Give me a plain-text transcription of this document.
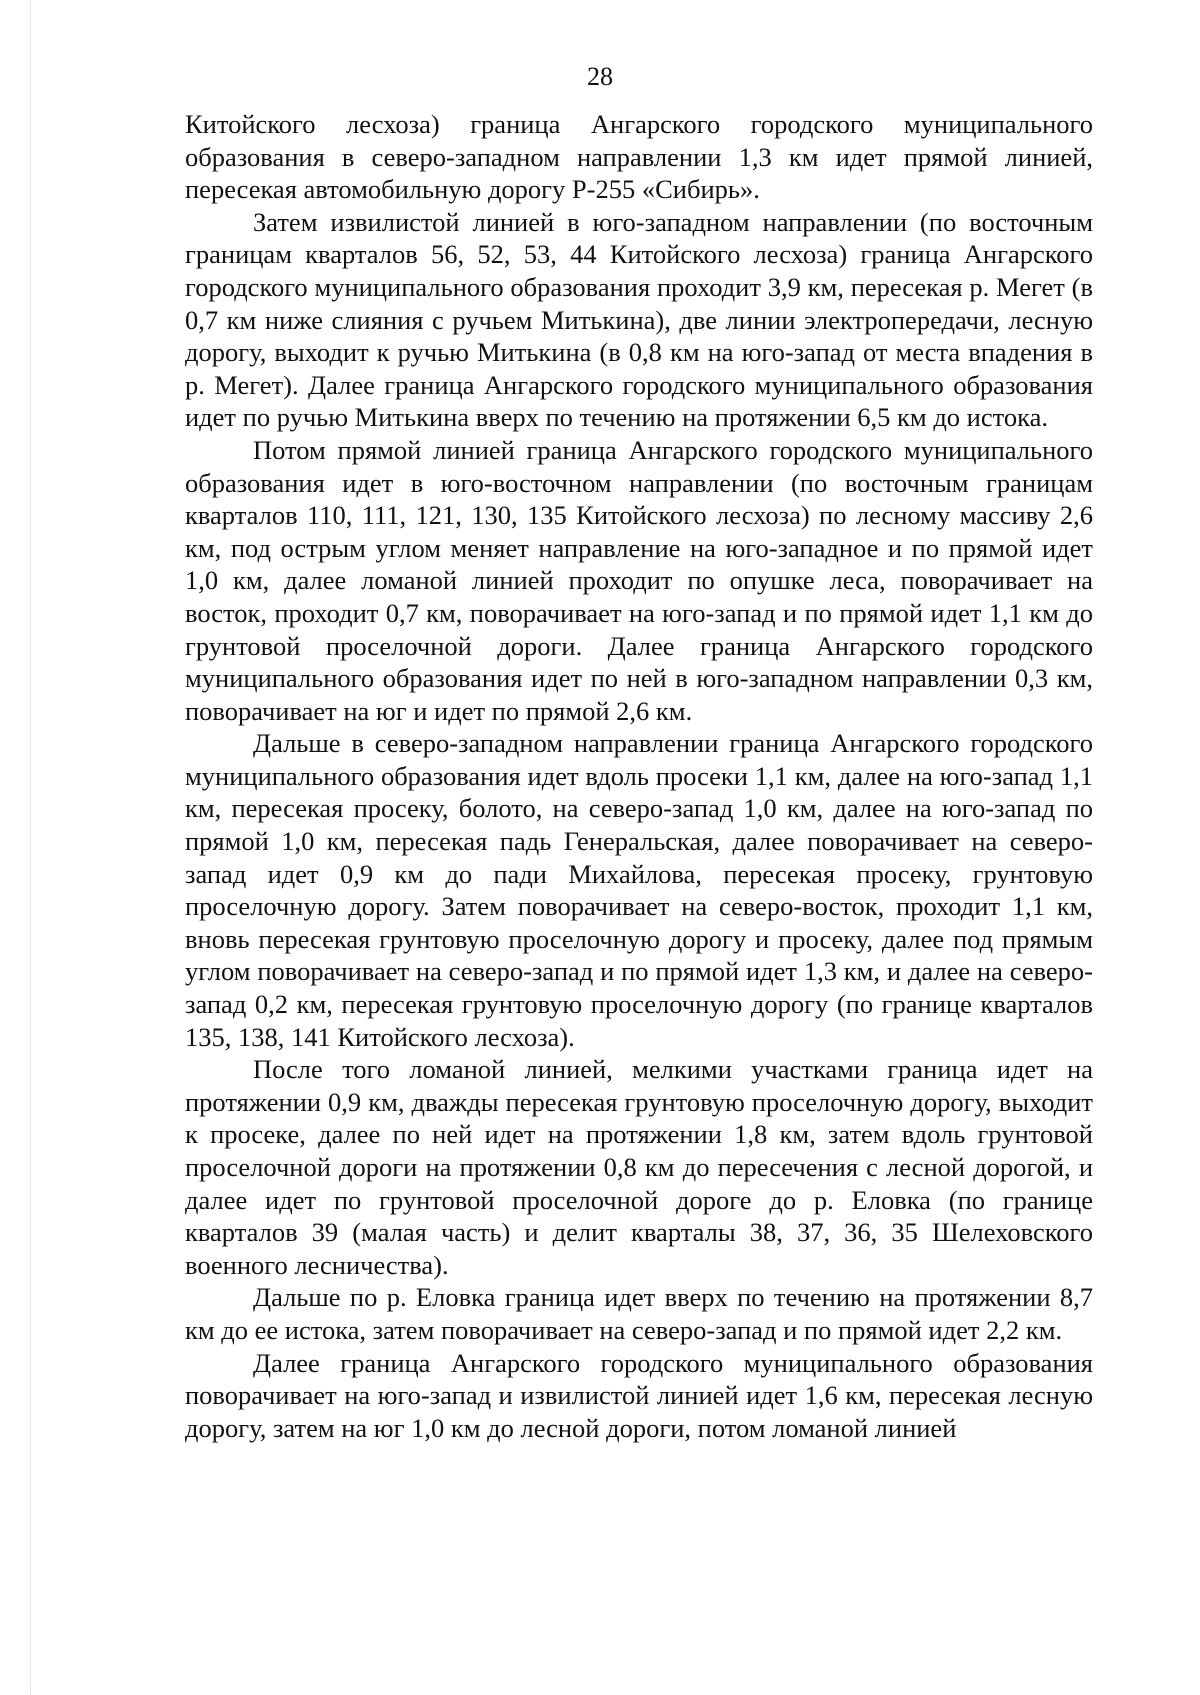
28

Китойского лесхоза) граница Ангарского городского муниципального образования в северо-западном направлении 1,3 км идет прямой линией, пересекая автомобильную дорогу Р-255 «Сибирь».

Затем извилистой линией в юго-западном направлении (по восточным границам кварталов 56, 52, 53, 44 Китойского лесхоза) граница Ангарского городского муниципального образования проходит 3,9 км, пересекая р. Мегет (в 0,7 км ниже слияния с ручьем Митькина), две линии электропередачи, лесную дорогу, выходит к ручью Митькина (в 0,8 км на юго-запад от места впадения в р. Мегет). Далее граница Ангарского городского муниципального образования идет по ручью Митькина вверх по течению на протяжении 6,5 км до истока.

Потом прямой линией граница Ангарского городского муниципального образования идет в юго-восточном направлении (по восточным границам кварталов 110, 111, 121, 130, 135 Китойского лесхоза) по лесному массиву 2,6 км, под острым углом меняет направление на юго-западное и по прямой идет 1,0 км, далее ломаной линией проходит по опушке леса, поворачивает на восток, проходит 0,7 км, поворачивает на юго-запад и по прямой идет 1,1 км до грунтовой проселочной дороги. Далее граница Ангарского городского муниципального образования идет по ней в юго-западном направлении 0,3 км, поворачивает на юг и идет по прямой 2,6 км.

Дальше в северо-западном направлении граница Ангарского городского муниципального образования идет вдоль просеки 1,1 км, далее на юго-запад 1,1 км, пересекая просеку, болото, на северо-запад 1,0 км, далее на юго-запад по прямой 1,0 км, пересекая падь Генеральская, далее поворачивает на северо-запад идет 0,9 км до пади Михайлова, пересекая просеку, грунтовую проселочную дорогу. Затем поворачивает на северо-восток, проходит 1,1 км, вновь пересекая грунтовую проселочную дорогу и просеку, далее под прямым углом поворачивает на северо-запад и по прямой идет 1,3 км, и далее на северо-запад 0,2 км, пересекая грунтовую проселочную дорогу (по границе кварталов 135, 138, 141 Китойского лесхоза).

После того ломаной линией, мелкими участками граница идет на протяжении 0,9 км, дважды пересекая грунтовую проселочную дорогу, выходит к просеке, далее по ней идет на протяжении 1,8 км, затем вдоль грунтовой проселочной дороги на протяжении 0,8 км до пересечения с лесной дорогой, и далее идет по грунтовой проселочной дороге до р. Еловка (по границе кварталов 39 (малая часть) и делит кварталы 38, 37, 36, 35 Шелеховского военного лесничества).

Дальше по р. Еловка граница идет вверх по течению на протяжении 8,7 км до ее истока, затем поворачивает на северо-запад и по прямой идет 2,2 км.

Далее граница Ангарского городского муниципального образования поворачивает на юго-запад и извилистой линией идет 1,6 км, пересекая лесную дорогу, затем на юг 1,0 км до лесной дороги, потом ломаной линией
